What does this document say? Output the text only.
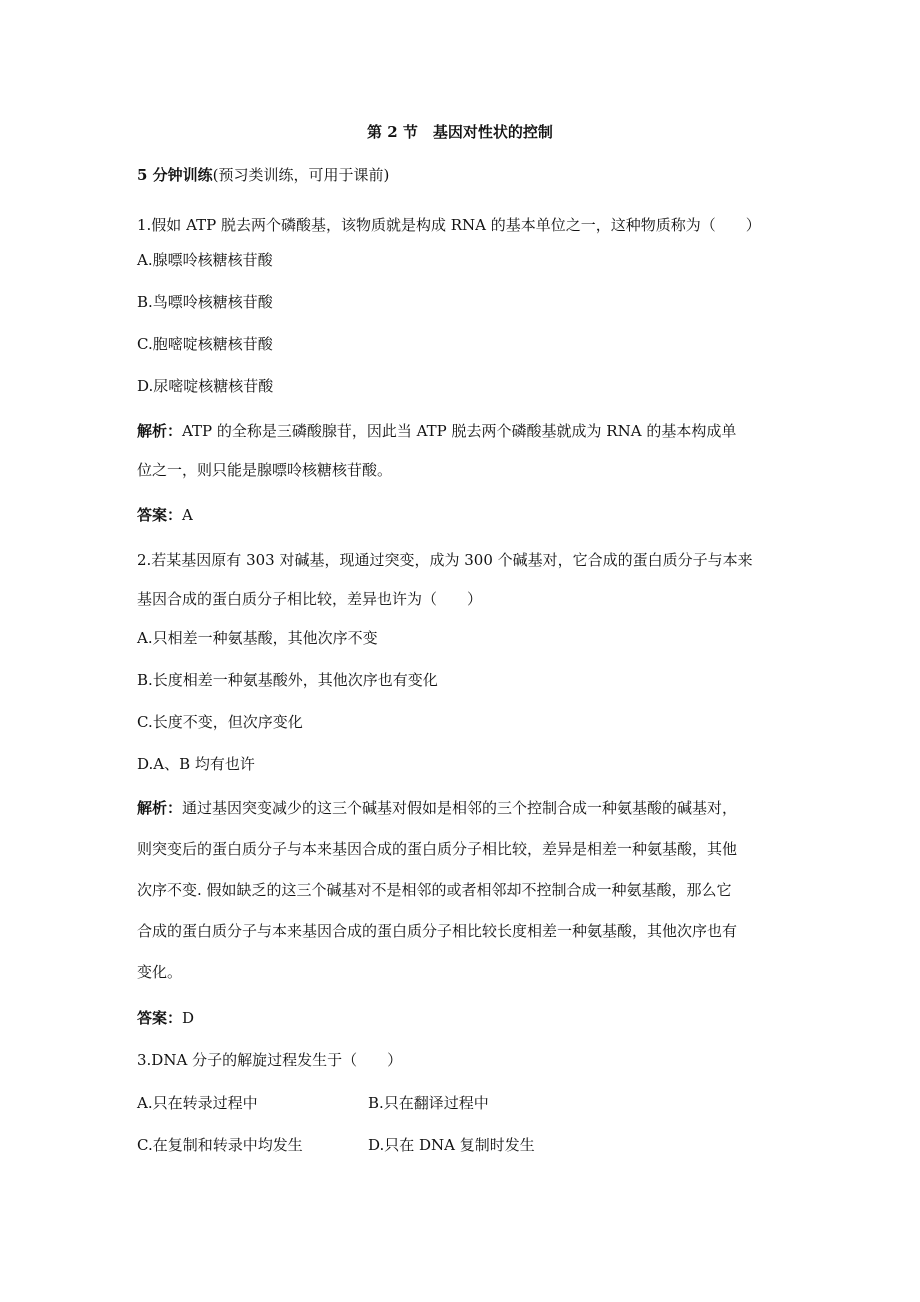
第 2 节　基因对性状的控制
5 分钟训练(预习类训练，可用于课前)
1.假如 ATP 脱去两个磷酸基，该物质就是构成 RNA 的基本单位之一，这种物质称为（　　）
A.腺嘌呤核糖核苷酸
B.鸟嘌呤核糖核苷酸
C.胞嘧啶核糖核苷酸
D.尿嘧啶核糖核苷酸
解析：ATP 的全称是三磷酸腺苷，因此当 ATP 脱去两个磷酸基就成为 RNA 的基本构成单
位之一，则只能是腺嘌呤核糖核苷酸。
答案：A
2.若某基因原有 303 对碱基，现通过突变，成为 300 个碱基对，它合成的蛋白质分子与本来
基因合成的蛋白质分子相比较，差异也许为（　　）
A.只相差一种氨基酸，其他次序不变
B.长度相差一种氨基酸外，其他次序也有变化
C.长度不变，但次序变化
D.A、B 均有也许
解析：通过基因突变减少的这三个碱基对假如是相邻的三个控制合成一种氨基酸的碱基对，
则突变后的蛋白质分子与本来基因合成的蛋白质分子相比较，差异是相差一种氨基酸，其他
次序不变. 假如缺乏的这三个碱基对不是相邻的或者相邻却不控制合成一种氨基酸，那么它
合成的蛋白质分子与本来基因合成的蛋白质分子相比较长度相差一种氨基酸，其他次序也有
变化。
答案：D
3.DNA 分子的解旋过程发生于（　　）
A.只在转录过程中	B.只在翻译过程中
C.在复制和转录中均发生	D.只在 DNA 复制时发生
